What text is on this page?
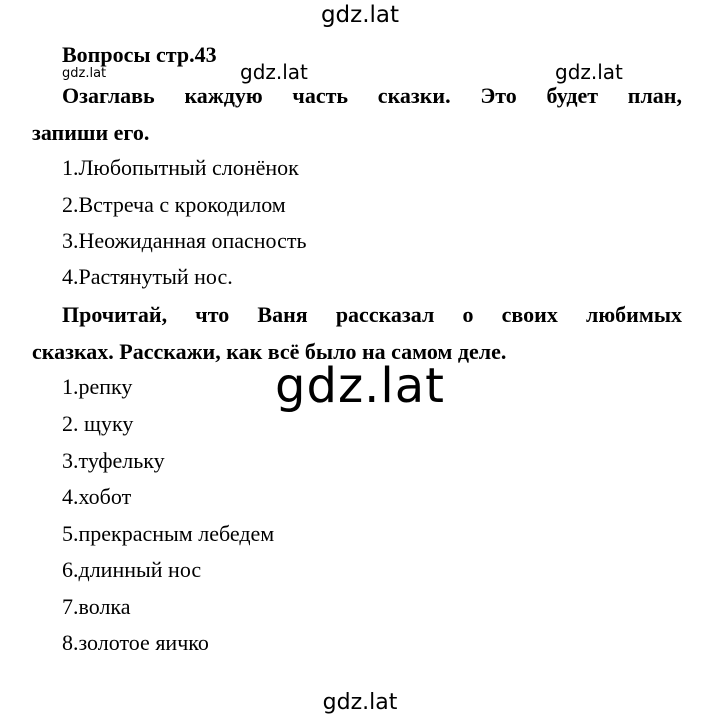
gdz.lat
Вопросы стр.43
gdz.lat	gdz.lat	gdz.lat
Озаглавь каждую часть сказки. Это будет план,
запиши его.
1.Любопытный слонёнок
2.Встреча с крокодилом
3.Неожиданная опасность
4.Растянутый нос.
Прочитай, что Ваня рассказал о своих любимых
сказках. Расскажи, как всё было на самом деле.
1.репку
2. щуку
3.туфельку
4.хобот
5.прекрасным лебедем
6.длинный нос
7.волка
8.золотое яичко
gdz.lat
gdz.lat
